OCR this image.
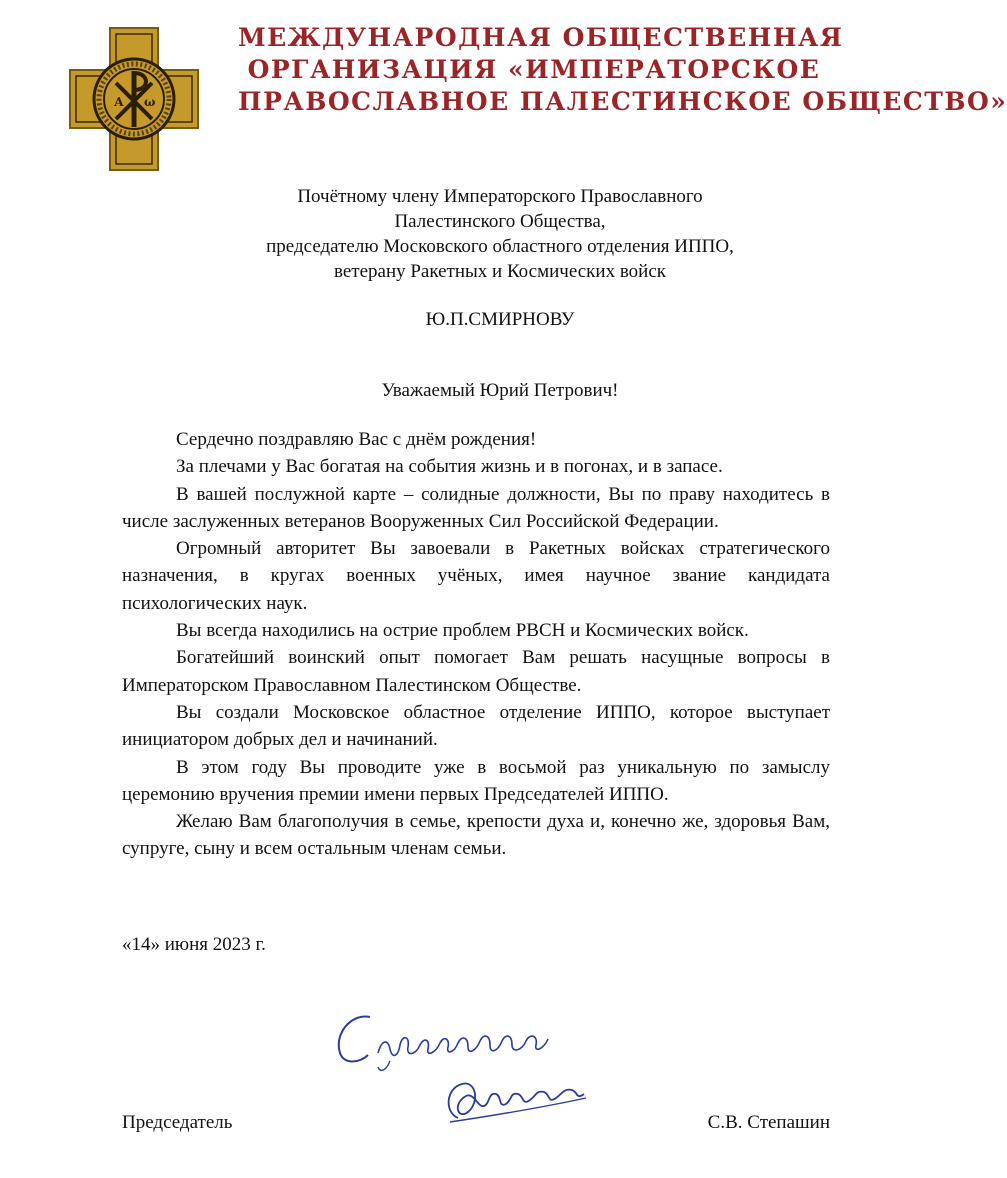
А ω
МЕЖДУНАРОДНАЯ ОБЩЕСТВЕННАЯ
ОРГАНИЗАЦИЯ «ИМПЕРАТОРСКОЕ
ПРАВОСЛАВНОЕ ПАЛЕСТИНСКОЕ ОБЩЕСТВО»
Почётному члену Императорского Православного
Палестинского Общества,
председателю Московского областного отделения ИППО,
ветерану Ракетных и Космических войск
Ю.П.СМИРНОВУ
Уважаемый Юрий Петрович!

Сердечно поздравляю Вас с днём рождения!

За плечами у Вас богатая на события жизнь и в погонах, и в запасе.

В вашей послужной карте – солидные должности, Вы по праву находитесь в числе заслуженных ветеранов Вооруженных Сил Российской Федерации.

Огромный авторитет Вы завоевали в Ракетных войсках стратегического назначения, в кругах военных учёных, имея научное звание кандидата психологических наук.

Вы всегда находились на острие проблем РВСН и Космических войск.

Богатейший воинский опыт помогает Вам решать насущные вопросы в Императорском Православном Палестинском Обществе.

Вы создали Московское областное отделение ИППО, которое выступает инициатором добрых дел и начинаний.

В этом году Вы проводите уже в восьмой раз уникальную по замыслу церемонию вручения премии имени первых Председателей ИППО.

Желаю Вам благополучия в семье, крепости духа и, конечно же, здоровья Вам, супруге, сыну и всем остальным членам семьи.

«14» июня 2023 г.
Председатель	С.В. Степашин
